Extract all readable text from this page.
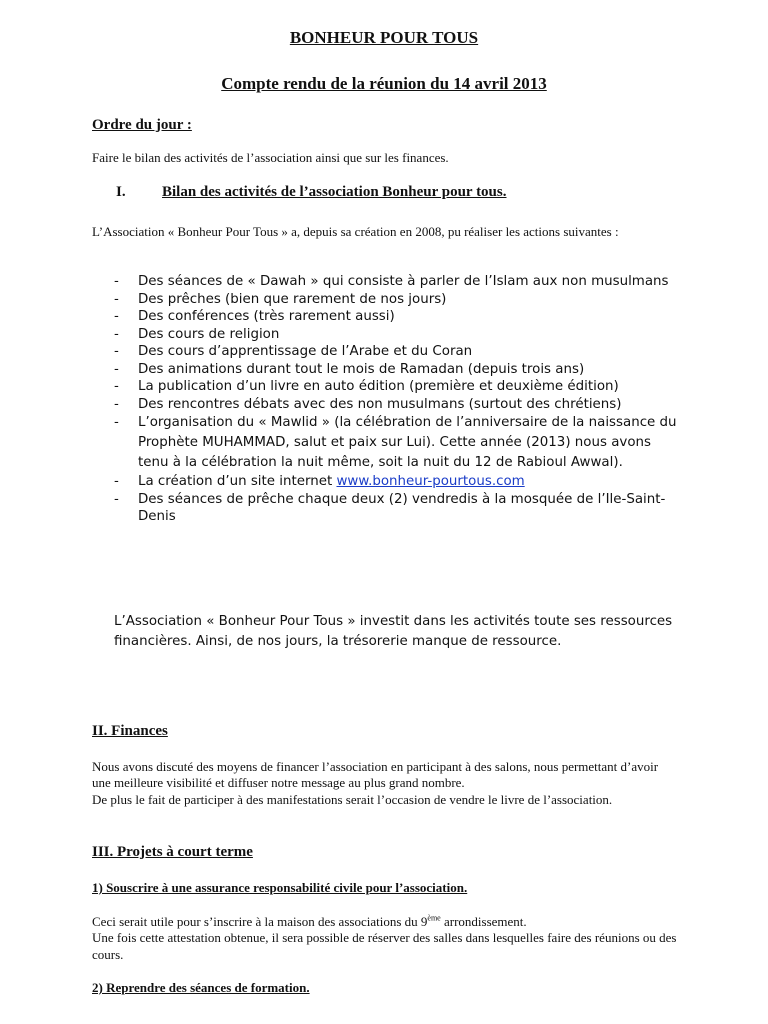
BONHEUR POUR TOUS
Compte rendu de la réunion du 14 avril 2013
Ordre du jour :
Faire le bilan des activités de l’association ainsi que sur les finances.
I. Bilan des activités de l’association Bonheur pour tous.
L’Association « Bonheur Pour Tous » a, depuis sa création en 2008, pu réaliser les actions suivantes :
- Des séances de « Dawah » qui consiste à parler de l’Islam aux non musulmans
- Des prêches (bien que rarement de nos jours)
- Des conférences (très rarement aussi)
- Des cours de religion
- Des cours d’apprentissage de l’Arabe et du Coran
- Des animations durant tout le mois de Ramadan (depuis trois ans)
- La publication d’un livre en auto édition (première et deuxième édition)
- Des rencontres débats avec des non musulmans (surtout des chrétiens)
- L’organisation du « Mawlid » (la célébration de l’anniversaire de la naissance du Prophète MUHAMMAD, salut et paix sur Lui). Cette année (2013) nous avons tenu à la célébration la nuit même, soit la nuit du 12 de Rabioul Awwal).
- La création d’un site internet www.bonheur-pourtous.com
- Des séances de prêche chaque deux (2) vendredis à la mosquée de l’Ile-Saint-Denis
L’Association « Bonheur Pour Tous » investit dans les activités toute ses ressources financières. Ainsi, de nos jours, la trésorerie manque de ressource.
II. Finances
Nous avons discuté des moyens de financer l’association en participant à des salons, nous permettant d’avoir une meilleure visibilité et diffuser notre message au plus grand nombre.
De plus le fait de participer à des manifestations serait l’occasion de vendre le livre de l’association.
III. Projets à court terme
1) Souscrire à une assurance responsabilité civile pour l’association.
Ceci serait utile pour s’inscrire à la maison des associations du 9ème arrondissement.
Une fois cette attestation obtenue, il sera possible de réserver des salles dans lesquelles faire des réunions ou des cours.
2) Reprendre des séances de formation.
